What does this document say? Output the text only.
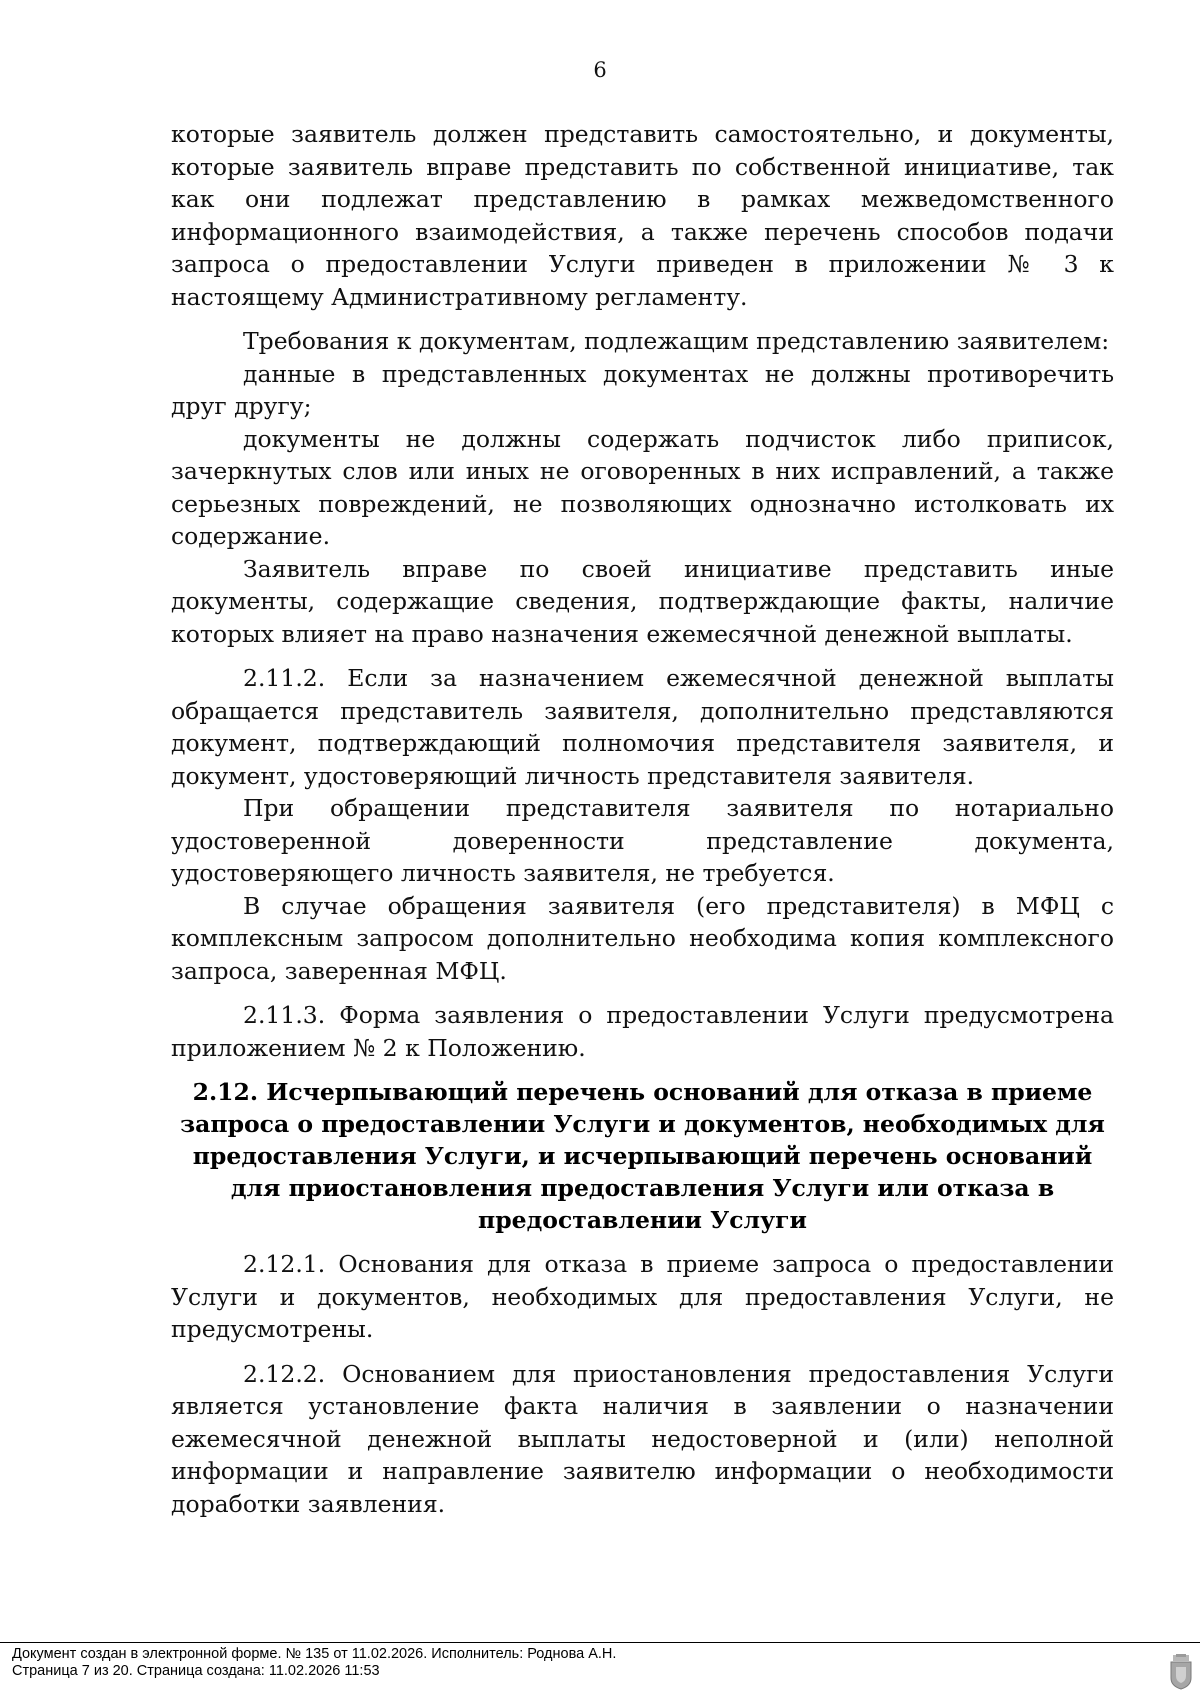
6

которые заявитель должен представить самостоятельно, и документы, которые заявитель вправе представить по собственной инициативе, так как они подлежат представлению в рамках межведомственного информационного взаимодействия, а также перечень способов подачи запроса о предоставлении Услуги приведен в приложении № 3 к настоящему Административному регламенту.

Требования к документам, подлежащим представлению заявителем:

данные в представленных документах не должны противоречить друг другу;

документы не должны содержать подчисток либо приписок, зачеркнутых слов или иных не оговоренных в них исправлений, а также серьезных повреждений, не позволяющих однозначно истолковать их содержание.

Заявитель вправе по своей инициативе представить иные документы, содержащие сведения, подтверждающие факты, наличие которых влияет на право назначения ежемесячной денежной выплаты.

2.11.2. Если за назначением ежемесячной денежной выплаты обращается представитель заявителя, дополнительно представляются документ, подтверждающий полномочия представителя заявителя, и документ, удостоверяющий личность представителя заявителя.

При обращении представителя заявителя по нотариально удостоверенной доверенности представление документа, удостоверяющего личность заявителя, не требуется.

В случае обращения заявителя (его представителя) в МФЦ с комплексным запросом дополнительно необходима копия комплексного запроса, заверенная МФЦ.

2.11.3. Форма заявления о предоставлении Услуги предусмотрена приложением № 2 к Положению.

2.12. Исчерпывающий перечень оснований для отказа в приеме запроса о предоставлении Услуги и документов, необходимых для предоставления Услуги, и исчерпывающий перечень оснований для приостановления предоставления Услуги или отказа в предоставлении Услуги

2.12.1. Основания для отказа в приеме запроса о предоставлении Услуги и документов, необходимых для предоставления Услуги, не предусмотрены.

2.12.2. Основанием для приостановления предоставления Услуги является установление факта наличия в заявлении о назначении ежемесячной денежной выплаты недостоверной и (или) неполной информации и направление заявителю информации о необходимости доработки заявления.

Документ создан в электронной форме. № 135 от 11.02.2026. Исполнитель: Роднова А.Н.
Страница 7 из 20. Страница создана: 11.02.2026 11:53
